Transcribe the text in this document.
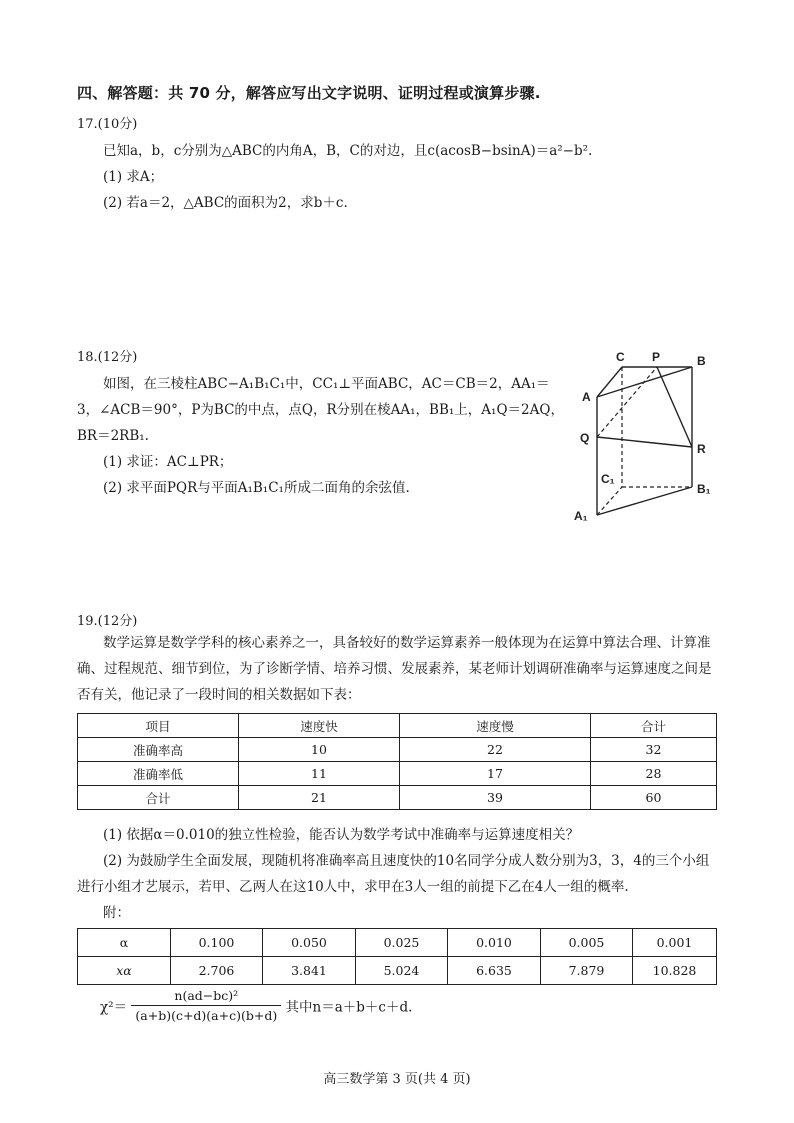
四、解答题：共 70 分，解答应写出文字说明、证明过程或演算步骤.
17.(10分)
已知a，b，c分别为△ABC的内角A，B，C的对边，且c(acosB−bsinA)＝a²−b².
(1) 求A；
(2) 若a＝2，△ABC的面积为2，求b＋c.
18.(12分)
如图，在三棱柱ABC−A₁B₁C₁中，CC₁⊥平面ABC，AC＝CB＝2，AA₁＝
3，∠ACB＝90°，P为BC的中点，点Q，R分别在棱AA₁，BB₁上，A₁Q＝2AQ，
BR＝2RB₁.
(1) 求证：AC⊥PR；
(2) 求平面PQR与平面A₁B₁C₁所成二面角的余弦值.
C P	B
A
Q
R
C₁
B₁
A₁
19.(12分)
数学运算是数学学科的核心素养之一，具备较好的数学运算素养一般体现为在运算中算法合理、计算准确、过程规范、细节到位，为了诊断学情、培养习惯、发展素养，某老师计划调研准确率与运算速度之间是否有关，他记录了一段时间的相关数据如下表：
项目	速度快	速度慢	合计
准确率高	10	22	32
准确率低	11	17	28
合计	21	39	60
(1) 依据α＝0.010的独立性检验，能否认为数学考试中准确率与运算速度相关？
(2) 为鼓励学生全面发展，现随机将准确率高且速度快的10名同学分成人数分别为3，3，4的三个小组
进行小组才艺展示，若甲、乙两人在这10人中，求甲在3人一组的前提下乙在4人一组的概率.
附：
α	0.100	0.050	0.025	0.010	0.005	0.001
xα	2.706	3.841	5.024	6.635	7.879	10.828
$\chi^2= \frac{\text{n(ad−bc)²}}{(a+b)(c+d)(a+c)(b+d)}$ 其中n＝a＋b＋c＋d.
高三数学第 3 页(共 4 页)
